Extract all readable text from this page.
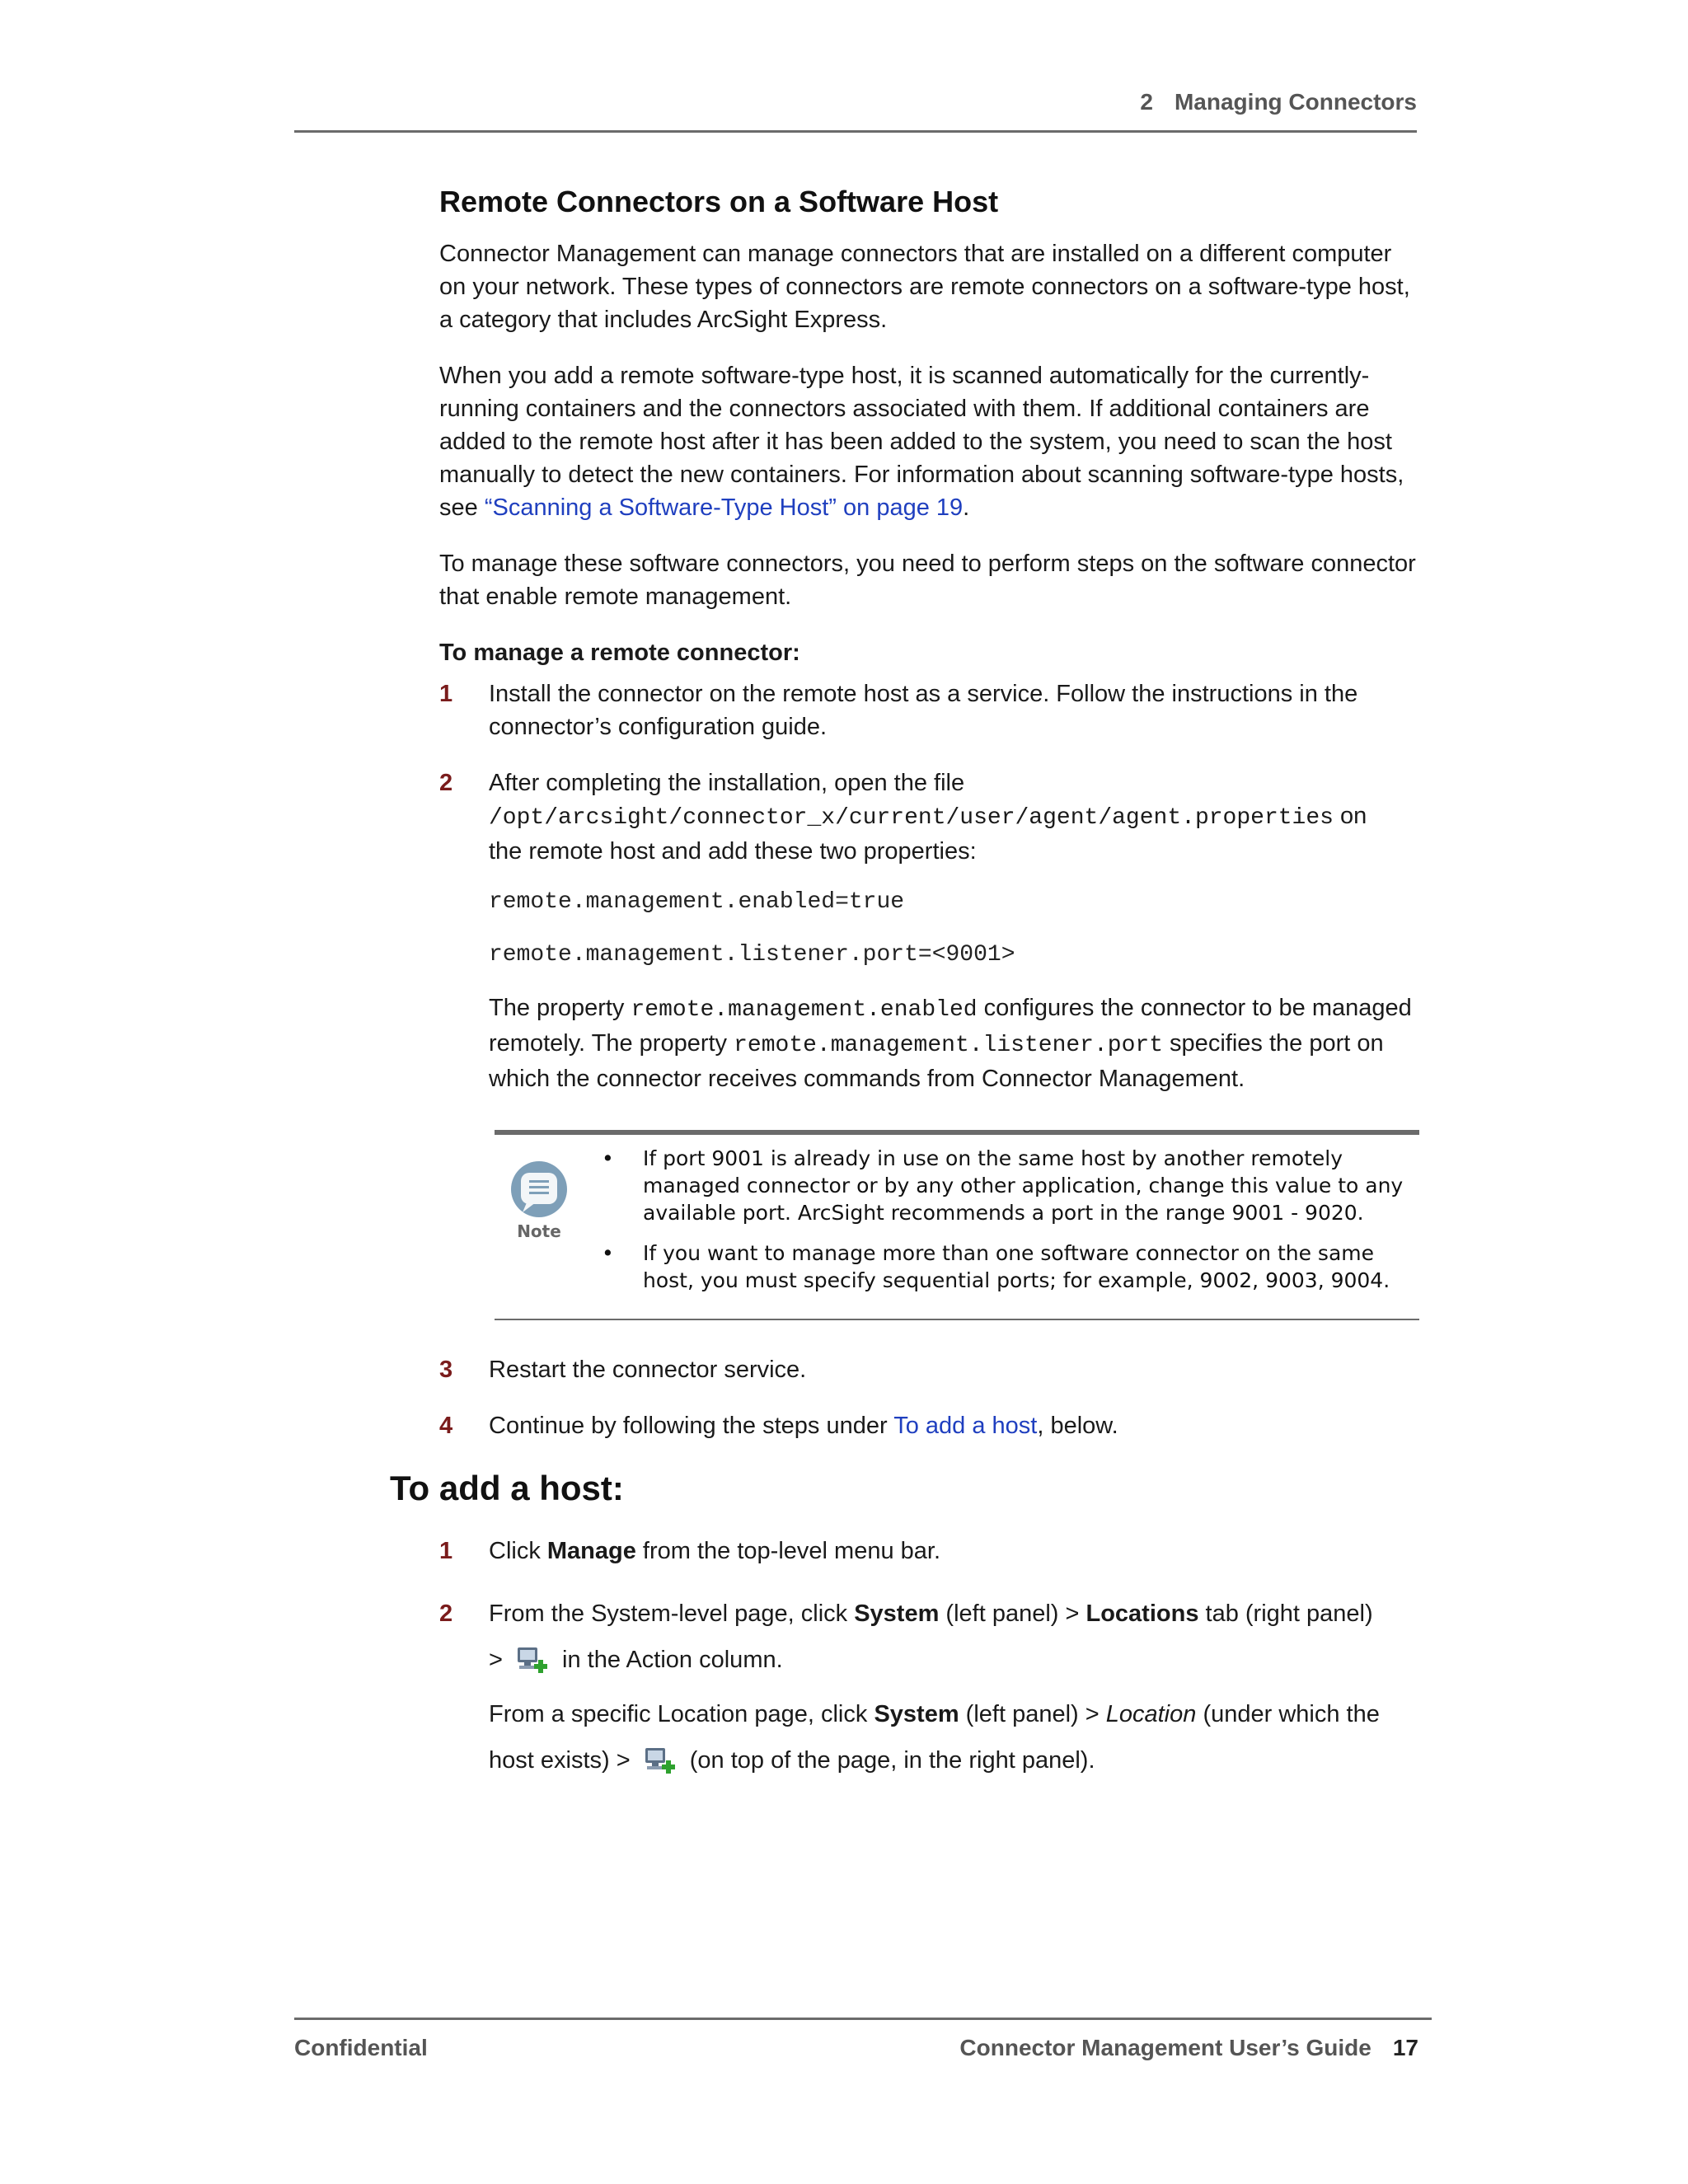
2 Managing Connectors
Remote Connectors on a Software Host

Connector Management can manage connectors that are installed on a different computer on your network. These types of connectors are remote connectors on a software-type host, a category that includes ArcSight Express.

When you add a remote software-type host, it is scanned automatically for the currently-running containers and the connectors associated with them. If additional containers are added to the remote host after it has been added to the system, you need to scan the host manually to detect the new containers. For information about scanning software-type hosts, see “Scanning a Software-Type Host” on page 19.

To manage these software connectors, you need to perform steps on the software connector that enable remote management.

To manage a remote connector:
1 Install the connector on the remote host as a service. Follow the instructions in the connector’s configuration guide.
2 After completing the installation, open the file
/opt/arcsight/connector_x/current/user/agent/agent.properties on
the remote host and add these two properties:
remote.management.enabled=true
remote.management.listener.port=<9001>
The property remote.management.enabled configures the connector to be managed remotely. The property remote.management.listener.port specifies the port on which the connector receives commands from Connector Management.
Note
• If port 9001 is already in use on the same host by another remotely managed connector or by any other application, change this value to any available port. ArcSight recommends a port in the range 9001 - 9020.
• If you want to manage more than one software connector on the same host, you must specify sequential ports; for example, 9002, 9003, 9004.
3 Restart the connector service.
4 Continue by following the steps under To add a host, below.
To add a host:
1 Click Manage from the top-level menu bar.
2 From the System-level page, click System (left panel) > Locations tab (right panel)
>  in the Action column.
From a specific Location page, click System (left panel) > Location (under which the host exists) >  (on top of the page, in the right panel).
Confidential	Connector Management User’s Guide 17
